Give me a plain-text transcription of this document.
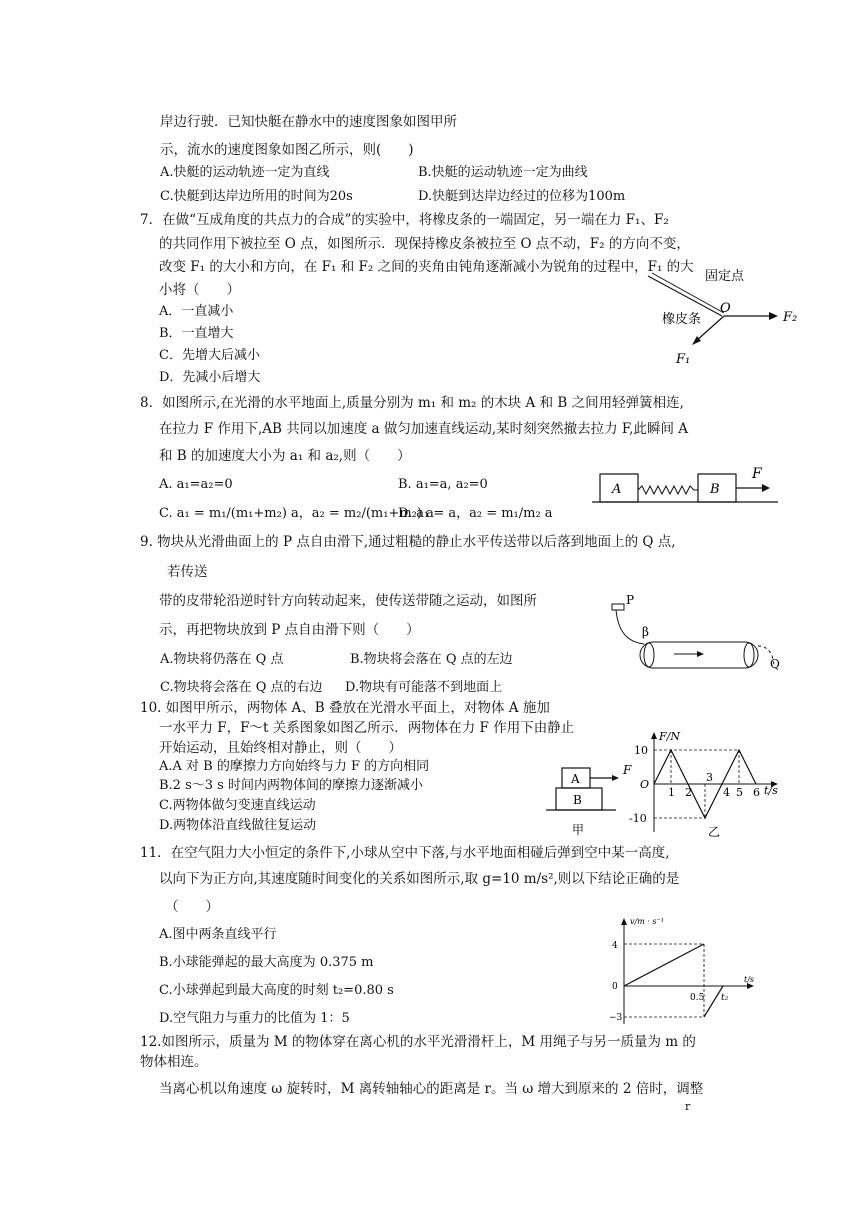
岸边行驶．已知快艇在静水中的速度图象如图甲所
示，流水的速度图象如图乙所示，则(　　)
A.快艇的运动轨迹一定为直线	B.快艇的运动轨迹一定为曲线
C.快艇到达岸边所用的时间为20s	D.快艇到达岸边经过的位移为100m
7．在做“互成角度的共点力的合成”的实验中，将橡皮条的一端固定，另一端在力 F₁、F₂
的共同作用下被拉至 O 点，如图所示．现保持橡皮条被拉至 O 点不动，F₂ 的方向不变，
改变 F₁ 的大小和方向，在 F₁ 和 F₂ 之间的夹角由钝角逐渐减小为锐角的过程中，F₁ 的大
小将（　　）
A．一直减小
B．一直增大
C．先增大后减小
D．先减小后增大
固定点
橡皮条
O
F₂
F₁
8．如图所示,在光滑的水平地面上,质量分别为 m₁ 和 m₂ 的木块 A 和 B 之间用轻弹簧相连,
在拉力 F 作用下,AB 共同以加速度 a 做匀加速直线运动,某时刻突然撤去拉力 F,此瞬间 A
和 B 的加速度大小为 a₁ 和 a₂,则（　　）
A. a₁=a₂=0	B. a₁=a, a₂=0
C. a₁ = m₁/(m₁+m₂) a，a₂ = m₂/(m₁+m₂) a
D. a₁ = a，a₂ = m₁/m₂ a
A	B
F
9. 物块从光滑曲面上的 P 点自由滑下,通过粗糙的静止水平传送带以后落到地面上的 Q 点,
若传送
带的皮带轮沿逆时针方向转动起来，使传送带随之运动，如图所
示，再把物块放到 P 点自由滑下则（　　）
A.物块将仍落在 Q 点	B.物块将会落在 Q 点的左边
C.物块将会落在 Q 点的右边 D.物块有可能落不到地面上
P
β
Q
10. 如图甲所示，两物体 A、B 叠放在光滑水平面上，对物体 A 施加
一水平力 F，F～t 关系图象如图乙所示．两物体在力 F 作用下由静止
开始运动，且始终相对静止，则（　　）
A.A 对 B 的摩擦力方向始终与力 F 的方向相同
B.2 s～3 s 时间内两物体间的摩擦力逐渐减小
C.两物体做匀变速直线运动
D.两物体沿直线做往复运动
A
B
F
甲
F/N
10
O
-10
1 2
3
4 5 6 t/s
乙
11．在空气阻力大小恒定的条件下,小球从空中下落,与水平地面相碰后弹到空中某一高度,
以向下为正方向,其速度随时间变化的关系如图所示,取 g=10 m/s²,则以下结论正确的是
（　　）
A.图中两条直线平行
B.小球能弹起的最大高度为 0.375 m
C.小球弹起到最大高度的时刻 t₂=0.80 s
D.空气阻力与重力的比值为 1：5
v/m · s⁻¹
4
0
−3
0.5 t₂
t/s
12.如图所示，质量为 M 的物体穿在离心机的水平光滑滑杆上，M 用绳子与另一质量为 m 的
物体相连。
当离心机以角速度 ω 旋转时，M 离转轴轴心的距离是 r。当 ω 增大到原来的 2 倍时，调整
r
